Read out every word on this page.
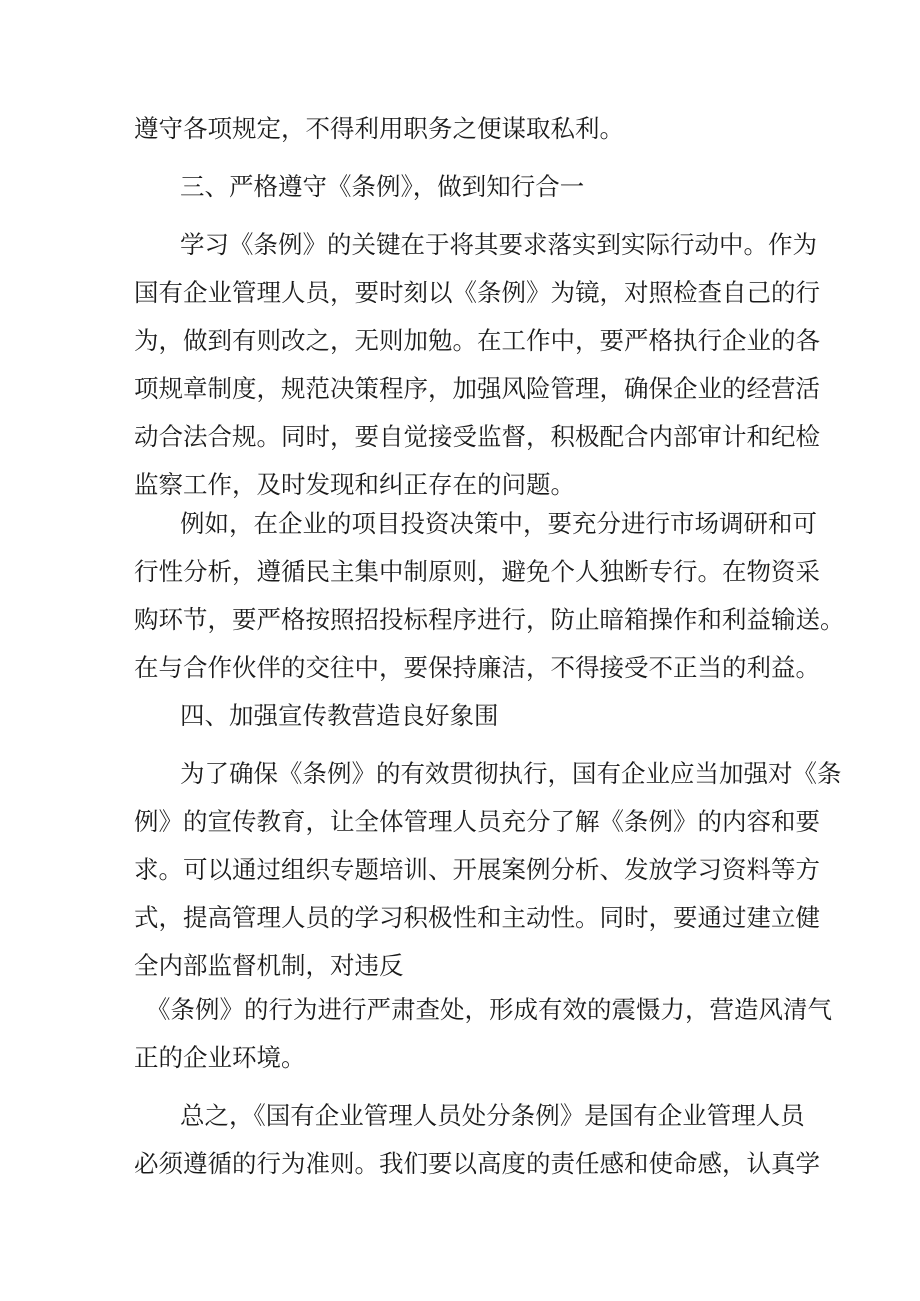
遵守各项规定，不得利用职务之便谋取私利。
三、严格遵守《条例》，做到知行合一
学习《条例》的关键在于将其要求落实到实际行动中。作为
国有企业管理人员，要时刻以《条例》为镜，对照检查自己的行
为，做到有则改之，无则加勉。在工作中，要严格执行企业的各
项规章制度，规范决策程序，加强风险管理，确保企业的经营活
动合法合规。同时，要自觉接受监督，积极配合内部审计和纪检
监察工作，及时发现和纠正存在的问题。
例如，在企业的项目投资决策中，要充分进行市场调研和可
行性分析，遵循民主集中制原则，避免个人独断专行。在物资采
购环节，要严格按照招投标程序进行，防止暗箱操作和利益输送。
在与合作伙伴的交往中，要保持廉洁，不得接受不正当的利益。
四、加强宣传教营造良好象围
为了确保《条例》的有效贯彻执行，国有企业应当加强对《条
例》的宣传教育，让全体管理人员充分了解《条例》的内容和要
求。可以通过组织专题培训、开展案例分析、发放学习资料等方
式，提高管理人员的学习积极性和主动性。同时，要通过建立健
全内部监督机制，对违反
《条例》的行为进行严肃查处，形成有效的震慑力，营造风清气
正的企业环境。
总之，《国有企业管理人员处分条例》是国有企业管理人员
必须遵循的行为准则。我们要以高度的责任感和使命感，认真学
